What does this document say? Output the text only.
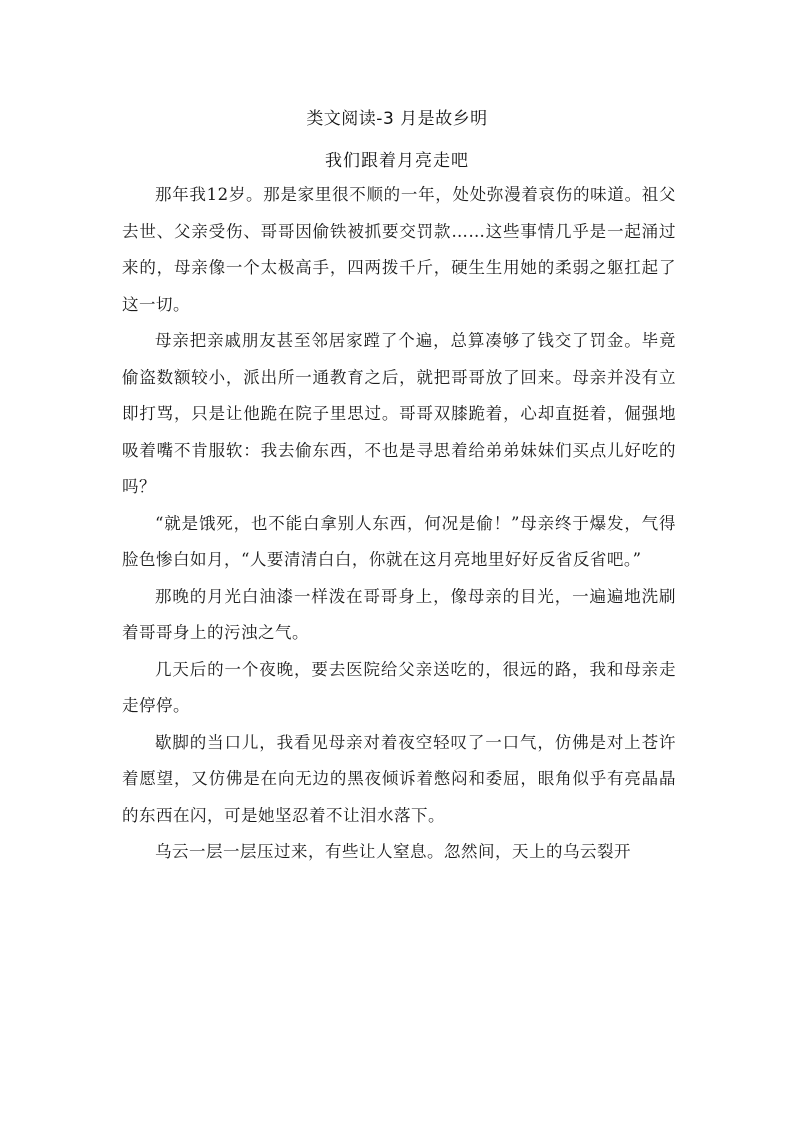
类文阅读-3 月是故乡明
我们跟着月亮走吧

那年我12岁。那是家里很不顺的一年，处处弥漫着哀伤的味道。祖父去世、父亲受伤、哥哥因偷铁被抓要交罚款……这些事情几乎是一起涌过来的，母亲像一个太极高手，四两拨千斤，硬生生用她的柔弱之躯扛起了这一切。

母亲把亲戚朋友甚至邻居家蹚了个遍，总算凑够了钱交了罚金。毕竟偷盗数额较小，派出所一通教育之后，就把哥哥放了回来。母亲并没有立即打骂，只是让他跪在院子里思过。哥哥双膝跪着，心却直挺着，倔强地吸着嘴不肯服软：我去偷东西，不也是寻思着给弟弟妹妹们买点儿好吃的吗？

“就是饿死，也不能白拿别人东西，何况是偷！”母亲终于爆发，气得脸色惨白如月，“人要清清白白，你就在这月亮地里好好反省反省吧。”

那晚的月光白油漆一样泼在哥哥身上，像母亲的目光，一遍遍地洗刷着哥哥身上的污浊之气。

几天后的一个夜晚，要去医院给父亲送吃的，很远的路，我和母亲走走停停。

歇脚的当口儿，我看见母亲对着夜空轻叹了一口气，仿佛是对上苍许着愿望，又仿佛是在向无边的黑夜倾诉着憋闷和委屈，眼角似乎有亮晶晶的东西在闪，可是她坚忍着不让泪水落下。

乌云一层一层压过来，有些让人窒息。忽然间，天上的乌云裂开
